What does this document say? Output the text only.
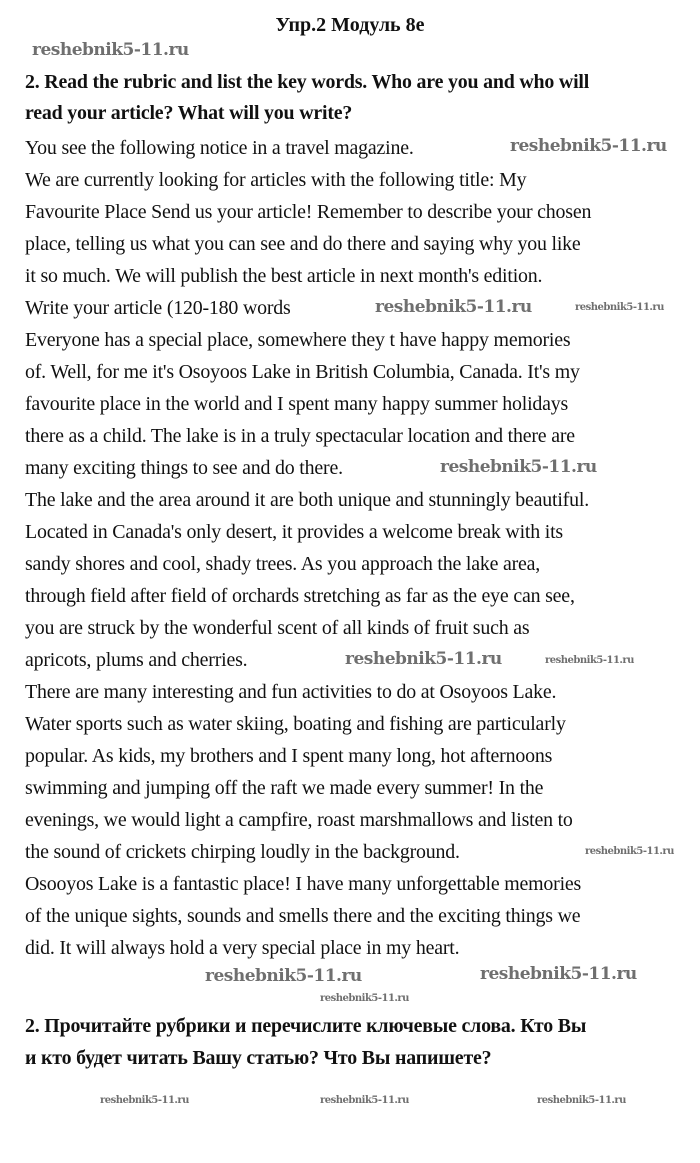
Упр.2 Модуль 8е
2. Read the rubric and list the key words. Who are you and who will
read your article? What will you write?
You see the following notice in a travel magazine.
We are currently looking for articles with the following title: My
Favourite Place Send us your article! Remember to describe your chosen
place, telling us what you can see and do there and saying why you like
it so much. We will publish the best article in next month's edition.
Write your article (120-180 words
Everyone has a special place, somewhere they t have happy memories
of. Well, for me it's Osoyoos Lake in British Columbia, Canada. It's my
favourite place in the world and I spent many happy summer holidays
there as a child. The lake is in a truly spectacular location and there are
many exciting things to see and do there.
The lake and the area around it are both unique and stunningly beautiful.
Located in Canada's only desert, it provides a welcome break with its
sandy shores and cool, shady trees. As you approach the lake area,
through field after field of orchards stretching as far as the eye can see,
you are struck by the wonderful scent of all kinds of fruit such as
apricots, plums and cherries.
There are many interesting and fun activities to do at Osoyoos Lake.
Water sports such as water skiing, boating and fishing are particularly
popular. As kids, my brothers and I spent many long, hot afternoons
swimming and jumping off the raft we made every summer! In the
evenings, we would light a campfire, roast marshmallows and listen to
the sound of crickets chirping loudly in the background.
Osooyos Lake is a fantastic place! I have many unforgettable memories
of the unique sights, sounds and smells there and the exciting things we
did. It will always hold a very special place in my heart.
2. Прочитайте рубрики и перечислите ключевые слова. Кто Вы
и кто будет читать Вашу статью? Что Вы напишете?
reshebnik5-11.ru
reshebnik5-11.ru
reshebnik5-11.ru	reshebnik5-11.ru
reshebnik5-11.ru
reshebnik5-11.ru	reshebnik5-11.ru
reshebnik5-11.ru
reshebnik5-11.ru	reshebnik5-11.ru
reshebnik5-11.ru
reshebnik5-11.ru	reshebnik5-11.ru	reshebnik5-11.ru
